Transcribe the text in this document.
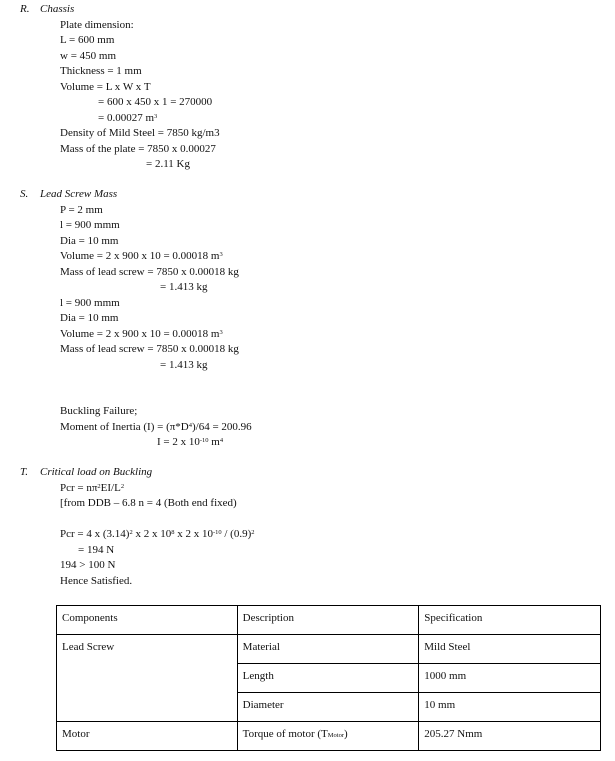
R. Chassis
Plate dimension:
L = 600 mm
w = 450 mm
Thickness = 1 mm
Volume = L x W x T
= 600 x 450 x 1 = 270000
= 0.00027 $m^3$
Density of Mild Steel = 7850 kg/m3
Mass of the plate = 7850 x 0.00027
= 2.11 Kg
S. Lead Screw Mass
P = 2 mm
l = 900 mmm
Dia = 10 mm
Volume = 2 x 900 x 10 = 0.00018 $m^3$
Mass of lead screw = 7850 x 0.00018 kg
= 1.413 kg
l = 900 mmm
Dia = 10 mm
Volume = 2 x 900 x 10 = 0.00018 $m^3$
Mass of lead screw = 7850 x 0.00018 kg
= 1.413 kg
Buckling Failure;
Moment of Inertia $(I) = (\pi*D^4)/64 = 200.96$
I = 2 x $10^{-10}$ $m^4$
T. Critical load on Buckling
Pcr = $n\pi^2EI/L^2$
[from DDB – 6.8 n = 4 (Both end fixed)
Pcr = 4 x $(3.14)^2$ x 2 x $10^8$ x 2 x $10^{-10} / (0.9)^2$
= 194 N
194 > 100 N
Hence Satisfied.
Components	Description	Specification
Lead Screw	Material	Mild Steel
	Length	1000 mm
	Diameter	10 mm
Motor	Torque of motor $(T_{Motor})$	205.27 Nmm
